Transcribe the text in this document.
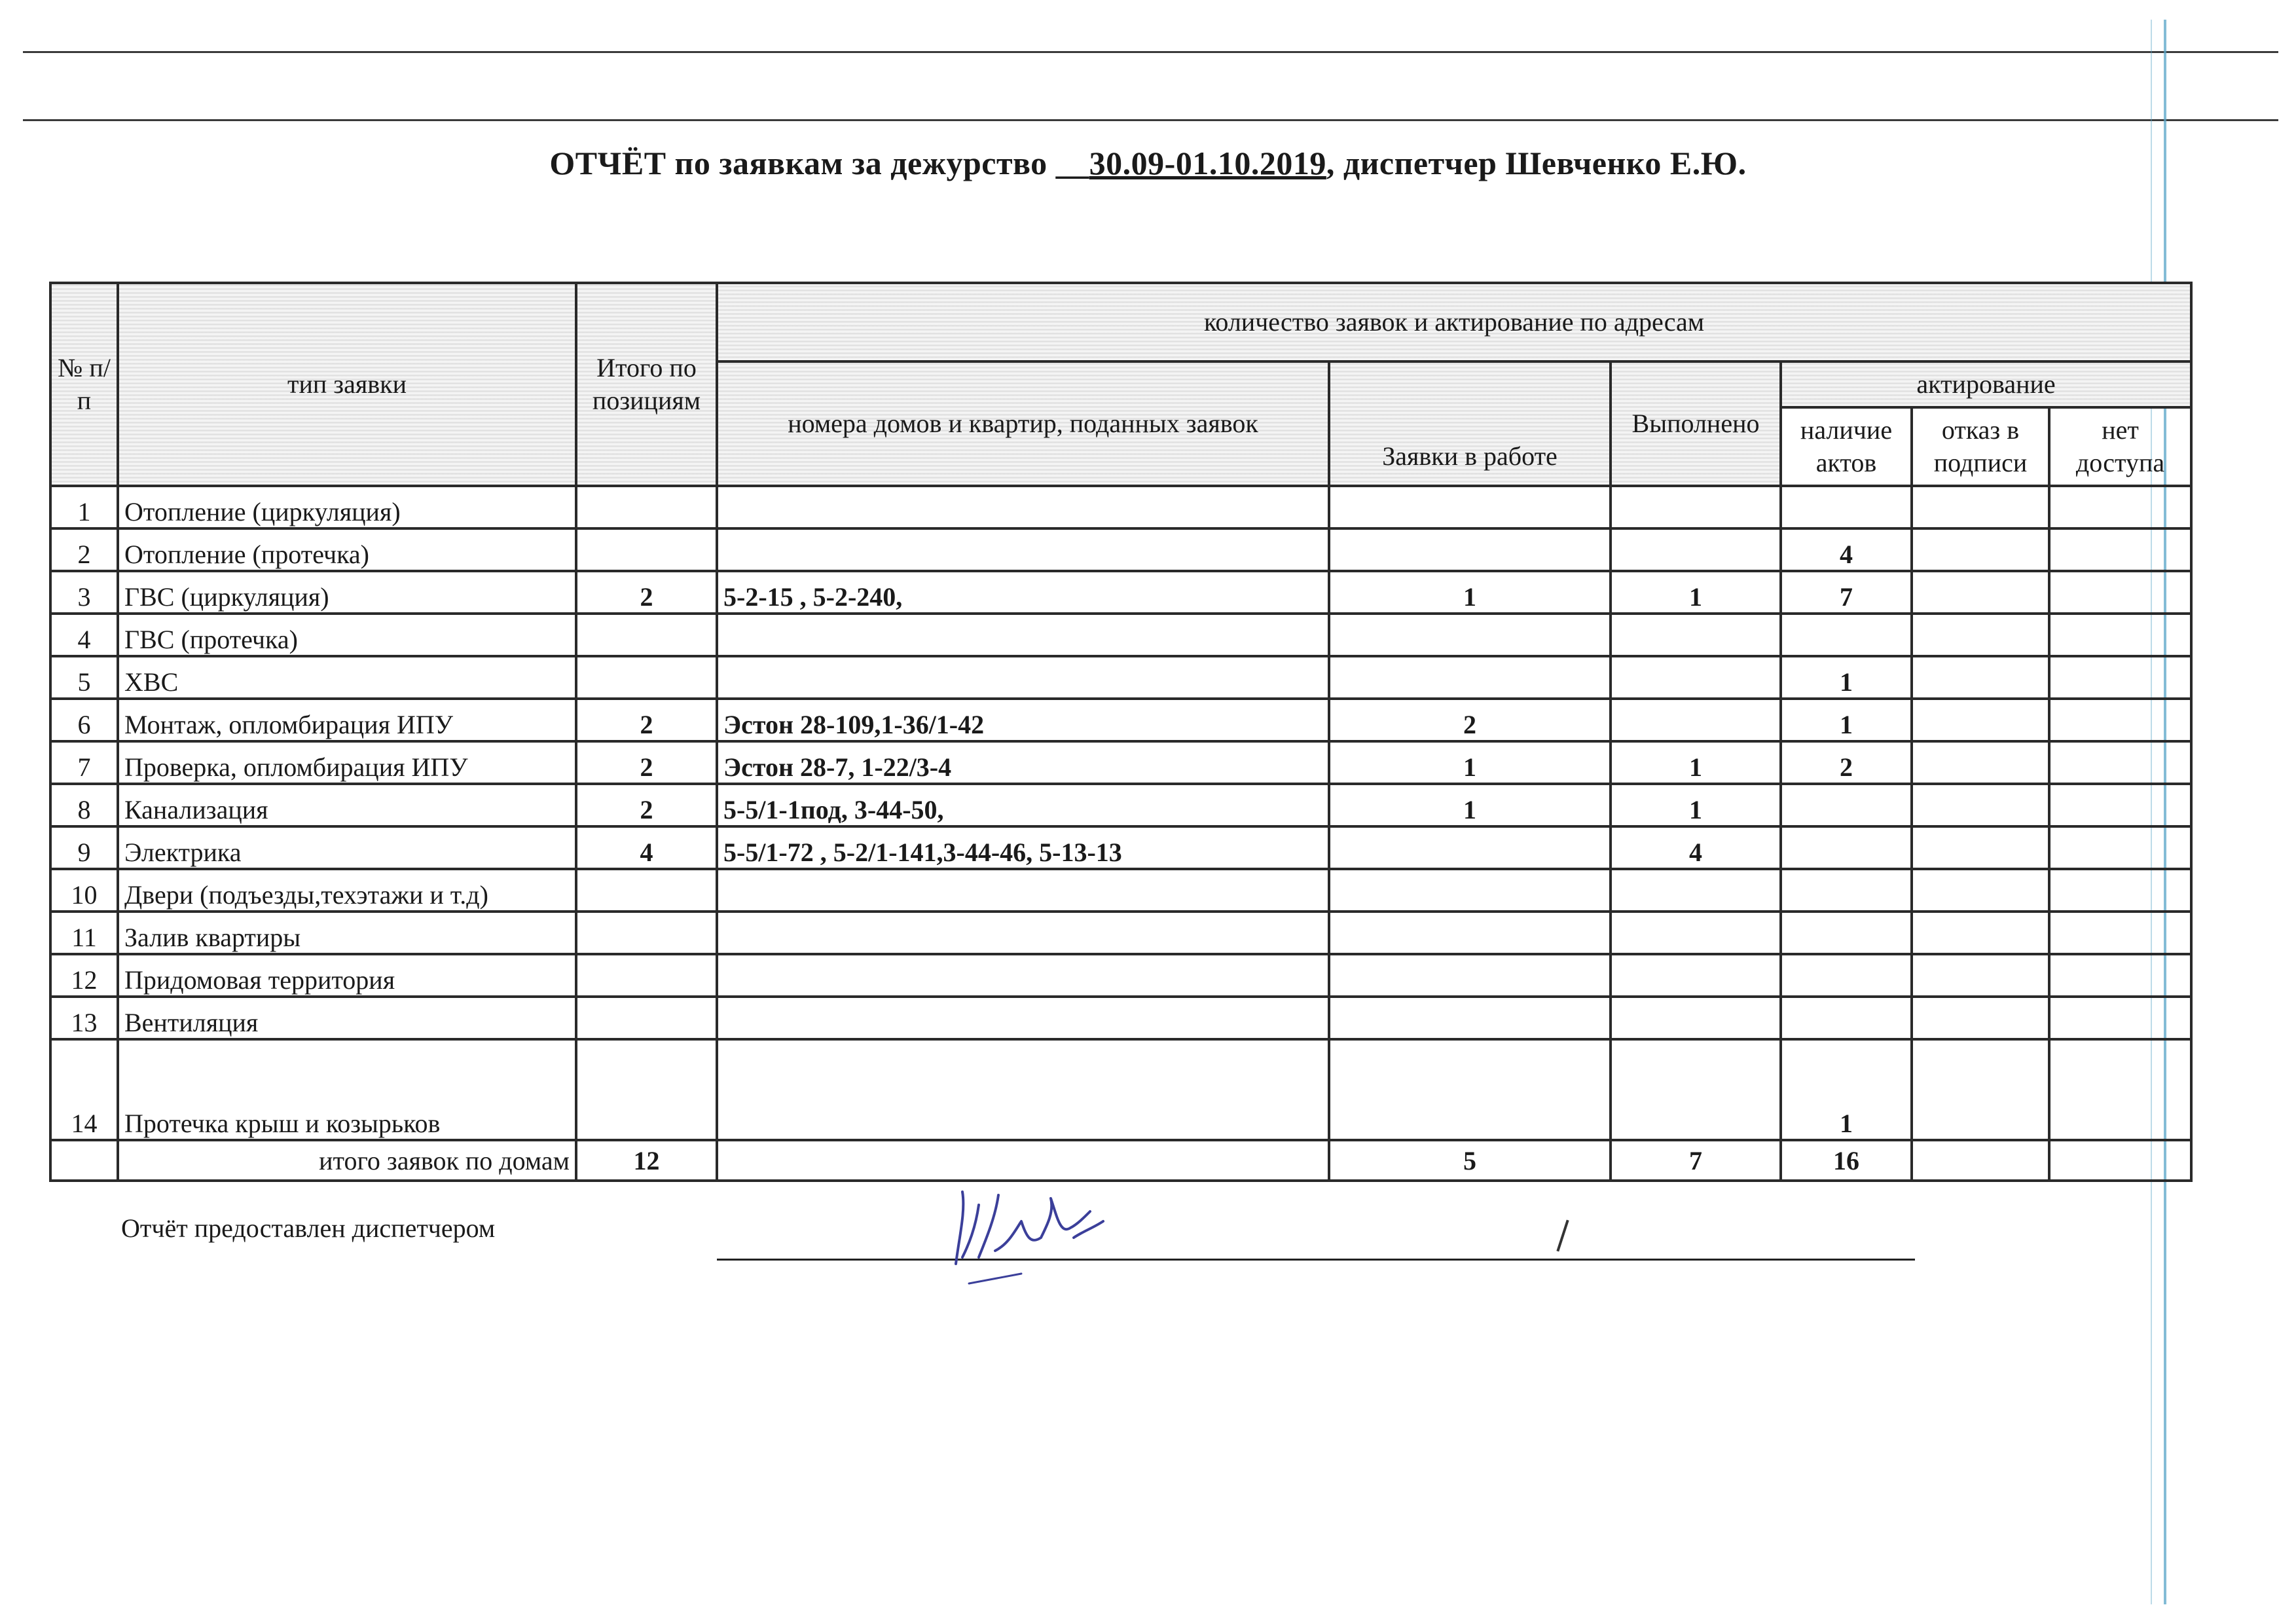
ОТЧЁТ по заявкам за дежурство __30.09-01.10.2019, диспетчер Шевченко Е.Ю.
№ п/п	тип заявки	Итого по позициям	количество заявок и актирование по адресам					
			номера домов и квартир, поданных заявок	Заявки в работе	Выполнено	актирование		
						наличие актов	отказ в подписи	нет доступа
1	Отопление (циркуляция)							
2	Отопление (протечка)					4		
3	ГВС (циркуляция)	2	5-2-15 , 5-2-240,	1	1	7		
4	ГВС (протечка)							
5	ХВС					1		
6	Монтаж, опломбирация ИПУ	2	Эстон 28-109,1-36/1-42	2		1		
7	Проверка, опломбирация ИПУ	2	Эстон 28-7, 1-22/3-4	1	1	2		
8	Канализация	2	5-5/1-1под, 3-44-50,	1	1			
9	Электрика	4	5-5/1-72 , 5-2/1-141,3-44-46, 5-13-13		4			
10	Двери (подъезды,техэтажи и т.д)							
11	Залив квартиры							
12	Придомовая территория							
13	Вентиляция							
14	Протечка крыш и козырьков					1		
	итого заявок по домам	12		5	7	16		
Отчёт предоставлен диспетчером
